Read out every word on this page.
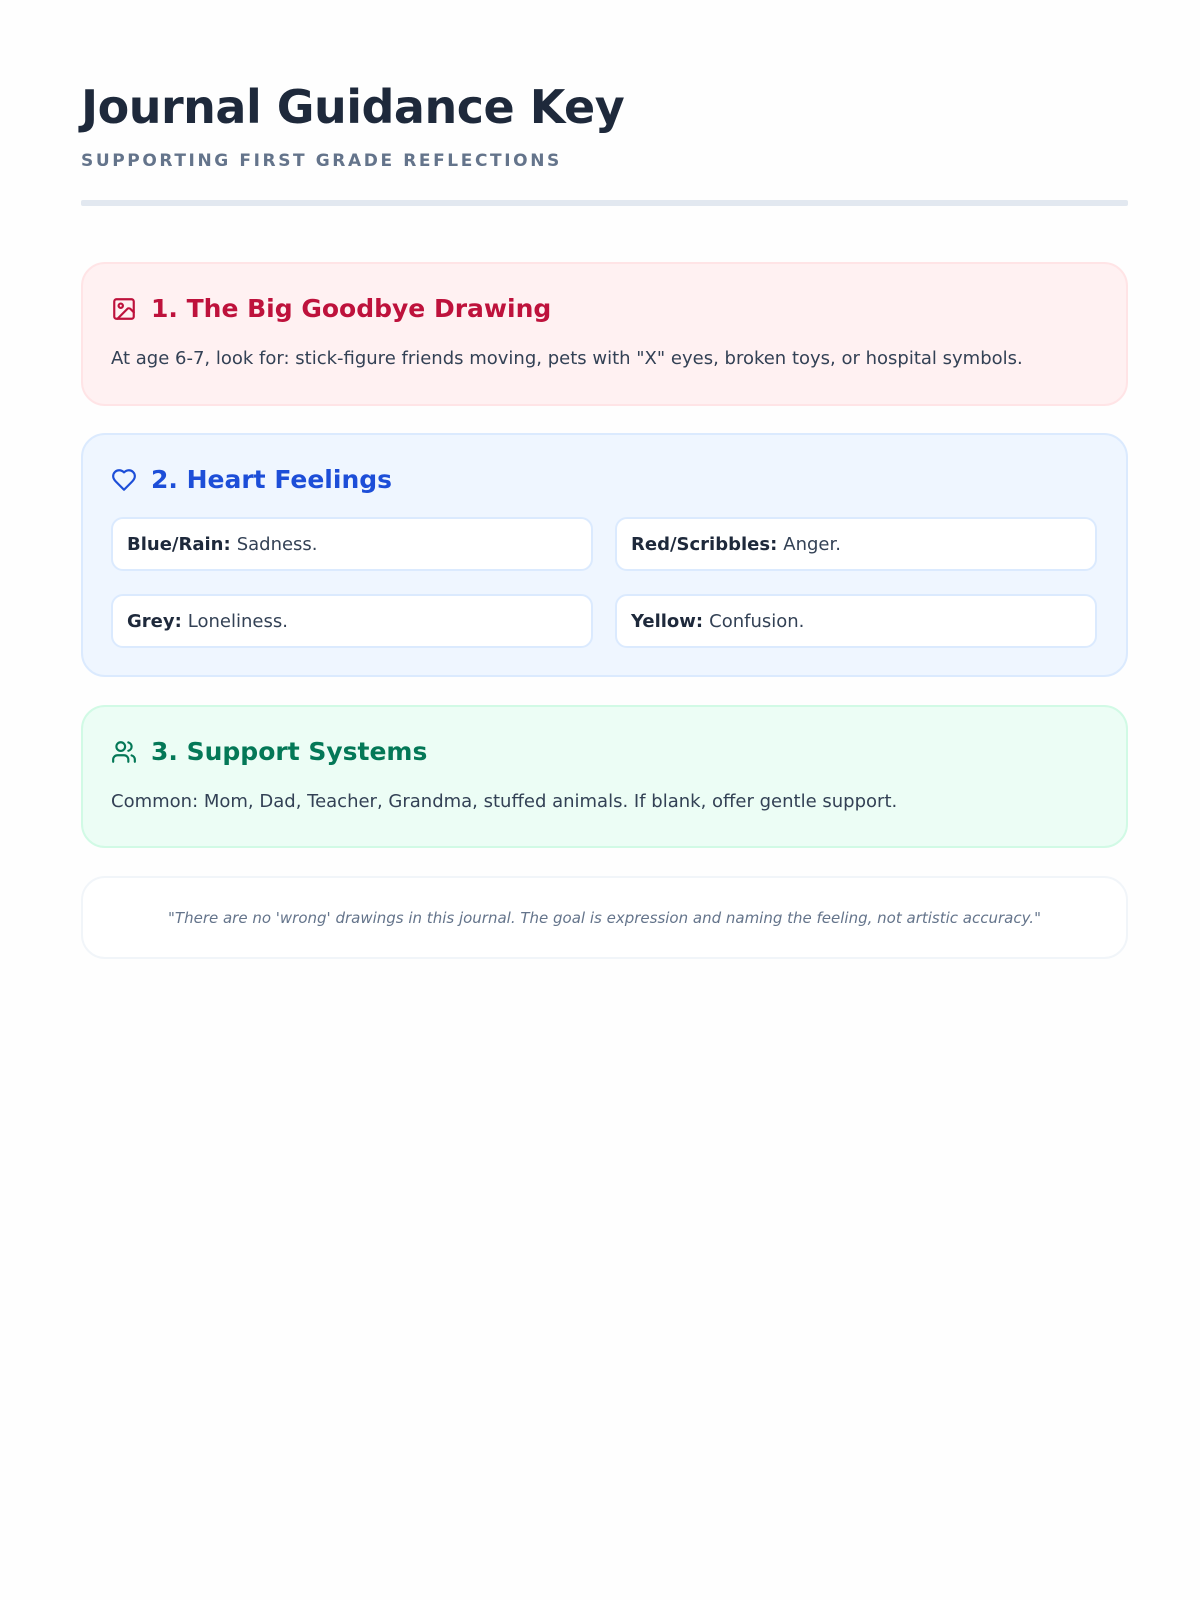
Journal Guidance Key
SUPPORTING FIRST GRADE REFLECTIONS
1. The Big Goodbye Drawing
At age 6-7, look for: stick-figure friends moving, pets with "X" eyes, broken toys, or hospital symbols.
2. Heart Feelings
Blue/Rain: Sadness.	Red/Scribbles: Anger.
Grey: Loneliness.	Yellow: Confusion.
3. Support Systems
Common: Mom, Dad, Teacher, Grandma, stuffed animals. If blank, offer gentle support.
"There are no 'wrong' drawings in this journal. The goal is expression and naming the feeling, not artistic accuracy."
